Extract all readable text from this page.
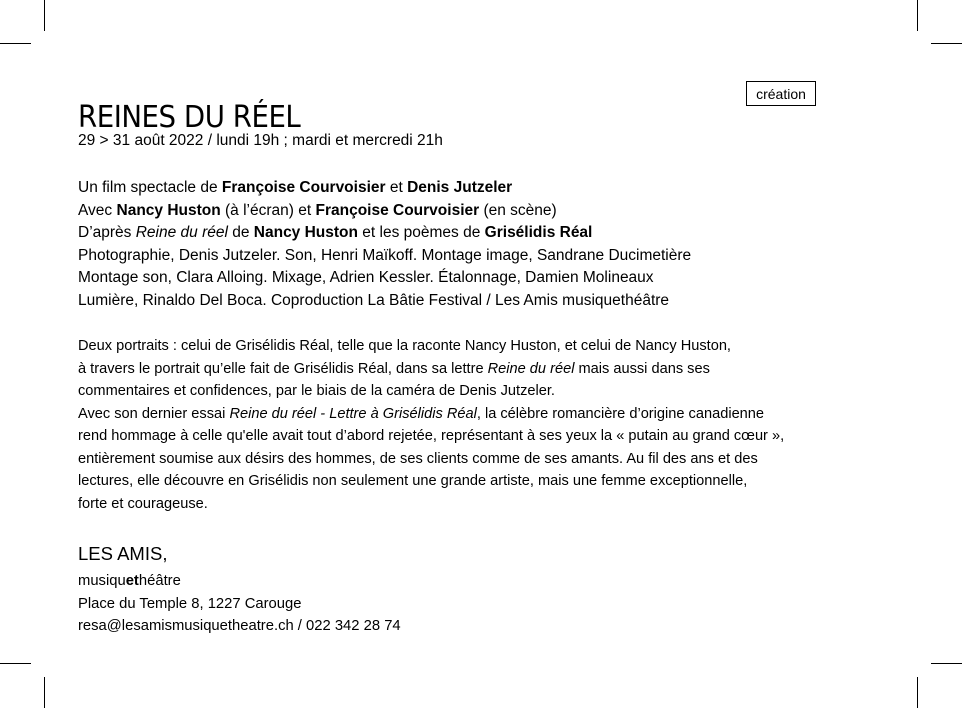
REINES DU RÉEL
création
29 > 31 août 2022 / lundi 19h ; mardi et mercredi 21h
Un film spectacle de Françoise Courvoisier et Denis Jutzeler
Avec Nancy Huston (à l’écran) et Françoise Courvoisier (en scène)
D’après Reine du réel de Nancy Huston et les poèmes de Grisélidis Réal
Photographie, Denis Jutzeler. Son, Henri Maïkoff. Montage image, Sandrane Ducimetière
Montage son, Clara Alloing. Mixage, Adrien Kessler. Étalonnage, Damien Molineaux
Lumière, Rinaldo Del Boca. Coproduction La Bâtie Festival / Les Amis musiquethéâtre
Deux portraits : celui de Grisélidis Réal, telle que la raconte Nancy Huston, et celui de Nancy Huston,
à travers le portrait qu’elle fait de Grisélidis Réal, dans sa lettre Reine du réel mais aussi dans ses
commentaires et confidences, par le biais de la caméra de Denis Jutzeler.
Avec son dernier essai Reine du réel - Lettre à Grisélidis Réal, la célèbre romancière d’origine canadienne
rend hommage à celle qu'elle avait tout d’abord rejetée, représentant à ses yeux la « putain au grand cœur »,
entièrement soumise aux désirs des hommes, de ses clients comme de ses amants. Au fil des ans et des
lectures, elle découvre en Grisélidis non seulement une grande artiste, mais une femme exceptionnelle,
forte et courageuse.
LES AMIS,
musiquethéâtre
Place du Temple 8, 1227 Carouge
resa@lesamismusiquetheatre.ch / 022 342 28 74
